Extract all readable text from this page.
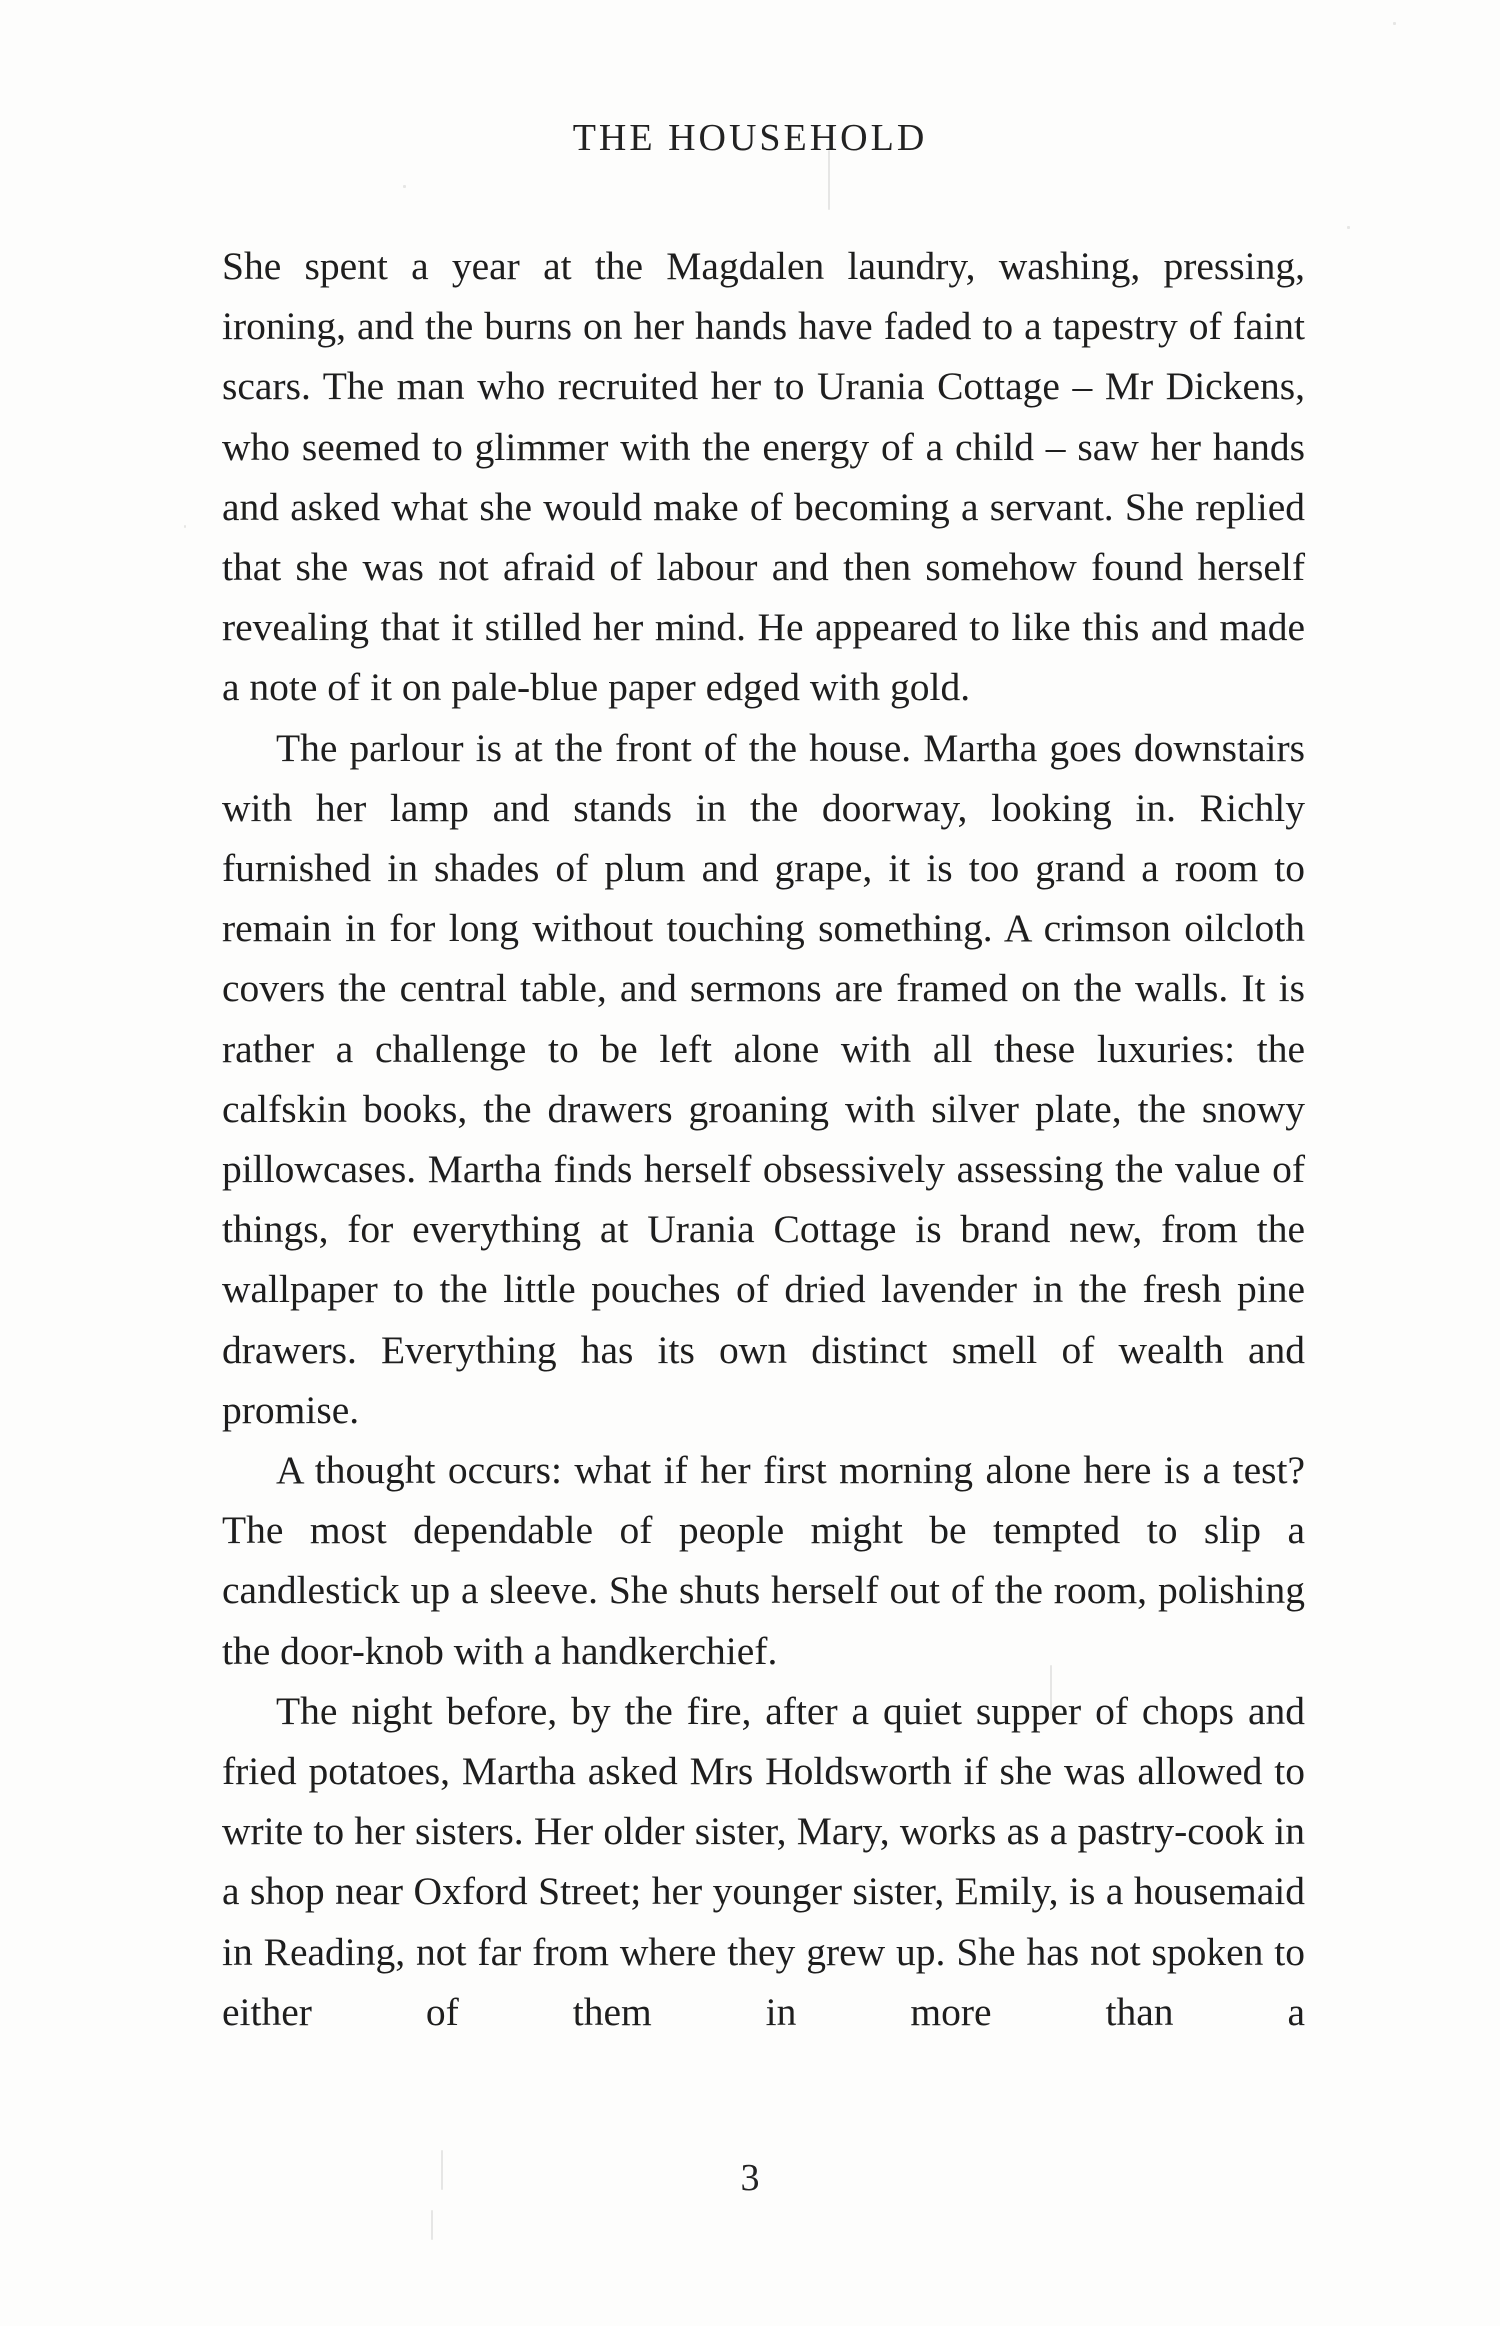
THE HOUSEHOLD

She spent a year at the Magdalen laundry, washing, pressing, ironing, and the burns on her hands have faded to a tapestry of faint scars. The man who recruited her to Urania Cottage – Mr Dickens, who seemed to glimmer with the energy of a child – saw her hands and asked what she would make of becoming a servant. She replied that she was not afraid of labour and then somehow found herself revealing that it stilled her mind. He appeared to like this and made a note of it on pale-blue paper edged with gold.

The parlour is at the front of the house. Martha goes downstairs with her lamp and stands in the doorway, looking in. Richly furnished in shades of plum and grape, it is too grand a room to remain in for long without touching something. A crimson oilcloth covers the central table, and sermons are framed on the walls. It is rather a challenge to be left alone with all these luxuries: the calfskin books, the drawers groaning with silver plate, the snowy pillowcases. Martha finds herself obsessively assessing the value of things, for everything at Urania Cottage is brand new, from the wallpaper to the little pouches of dried lavender in the fresh pine drawers. Everything has its own distinct smell of wealth and promise.

A thought occurs: what if her first morning alone here is a test? The most dependable of people might be tempted to slip a candlestick up a sleeve. She shuts herself out of the room, polishing the door-knob with a handkerchief.

The night before, by the fire, after a quiet supper of chops and fried potatoes, Martha asked Mrs Holdsworth if she was allowed to write to her sisters. Her older sister, Mary, works as a pastry-cook in a shop near Oxford Street; her younger sister, Emily, is a housemaid in Reading, not far from where they grew up. She has not spoken to either of them in more than a

3
